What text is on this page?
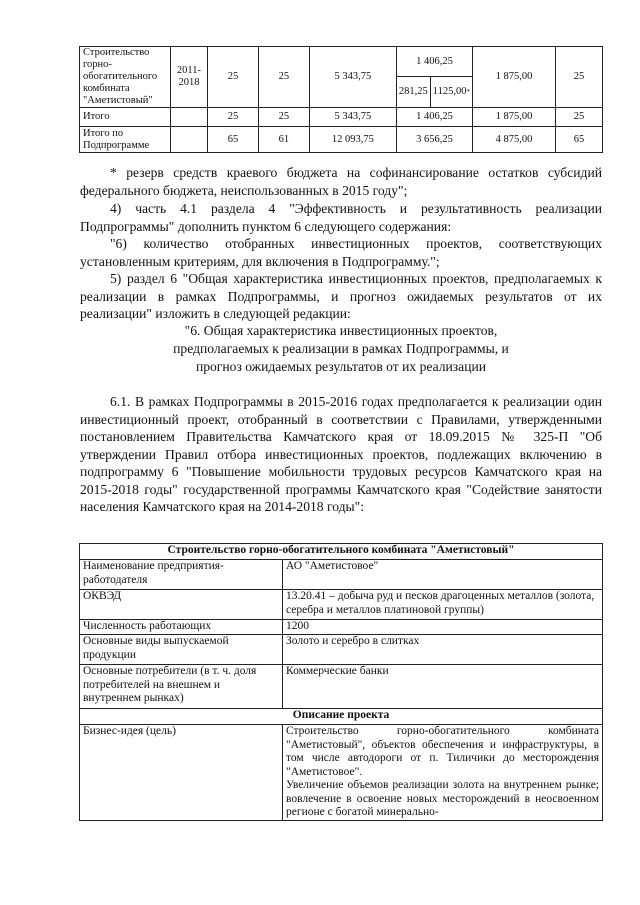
Строительство горно-обогатительного комбината "Аметистовый"	2011-2018	25	25	5 343,75	1 406,25		1 875,00	25
					281,25	1125,00*
Итого		25	25	5 343,75	1 406,25		1 875,00	25
Итого по Подпрограмме		65	61	12 093,75	3 656,25		4 875,00	65
* резерв средств краевого бюджета на софинансирование остатков субсидий федерального бюджета, неиспользованных в 2015 году";
4) часть 4.1 раздела 4 "Эффективность и результативность реализации Подпрограммы" дополнить пунктом 6 следующего содержания:
"6) количество отобранных инвестиционных проектов, соответствующих установленным критериям, для включения в Подпрограмму.";
5) раздел 6 "Общая характеристика инвестиционных проектов, предполагаемых к реализации в рамках Подпрограммы, и прогноз ожидаемых результатов от их реализации" изложить в следующей редакции:
"6. Общая характеристика инвестиционных проектов,
предполагаемых к реализации в рамках Подпрограммы, и
прогноз ожидаемых результатов от их реализации
6.1. В рамках Подпрограммы в 2015-2016 годах предполагается к реализации один инвестиционный проект, отобранный в соответствии с Правилами, утвержденными постановлением Правительства Камчатского края от 18.09.2015 № 325-П "Об утверждении Правил отбора инвестиционных проектов, подлежащих включению в подпрограмму 6 "Повышение мобильности трудовых ресурсов Камчатского края на 2015-2018 годы" государственной программы Камчатского края "Содействие занятости населения Камчатского края на 2014-2018 годы":
Строительство горно-обогатительного комбината "Аметистовый"	
Наименование предприятия-работодателя	АО "Аметистовое"
ОКВЭД	13.20.41 – добыча руд и песков драгоценных металлов (золота, серебра и металлов платиновой группы)
Численность работающих	1200
Основные виды выпускаемой продукции	Золото и серебро в слитках
Основные потребители (в т. ч. доля потребителей на внешнем и внутреннем рынках)	Коммерческие банки
Описание проекта	
Бизнес-идея (цель)	Строительство горно-обогатительного комбината "Аметистовый", объектов обеспечения и инфраструктуры, в том числе автодороги от п. Тиличики до месторождения "Аметистовое".
Увеличение объемов реализации золота на внутреннем рынке; вовлечение в освоение новых месторождений в неосвоенном регионе с богатой минерально-
